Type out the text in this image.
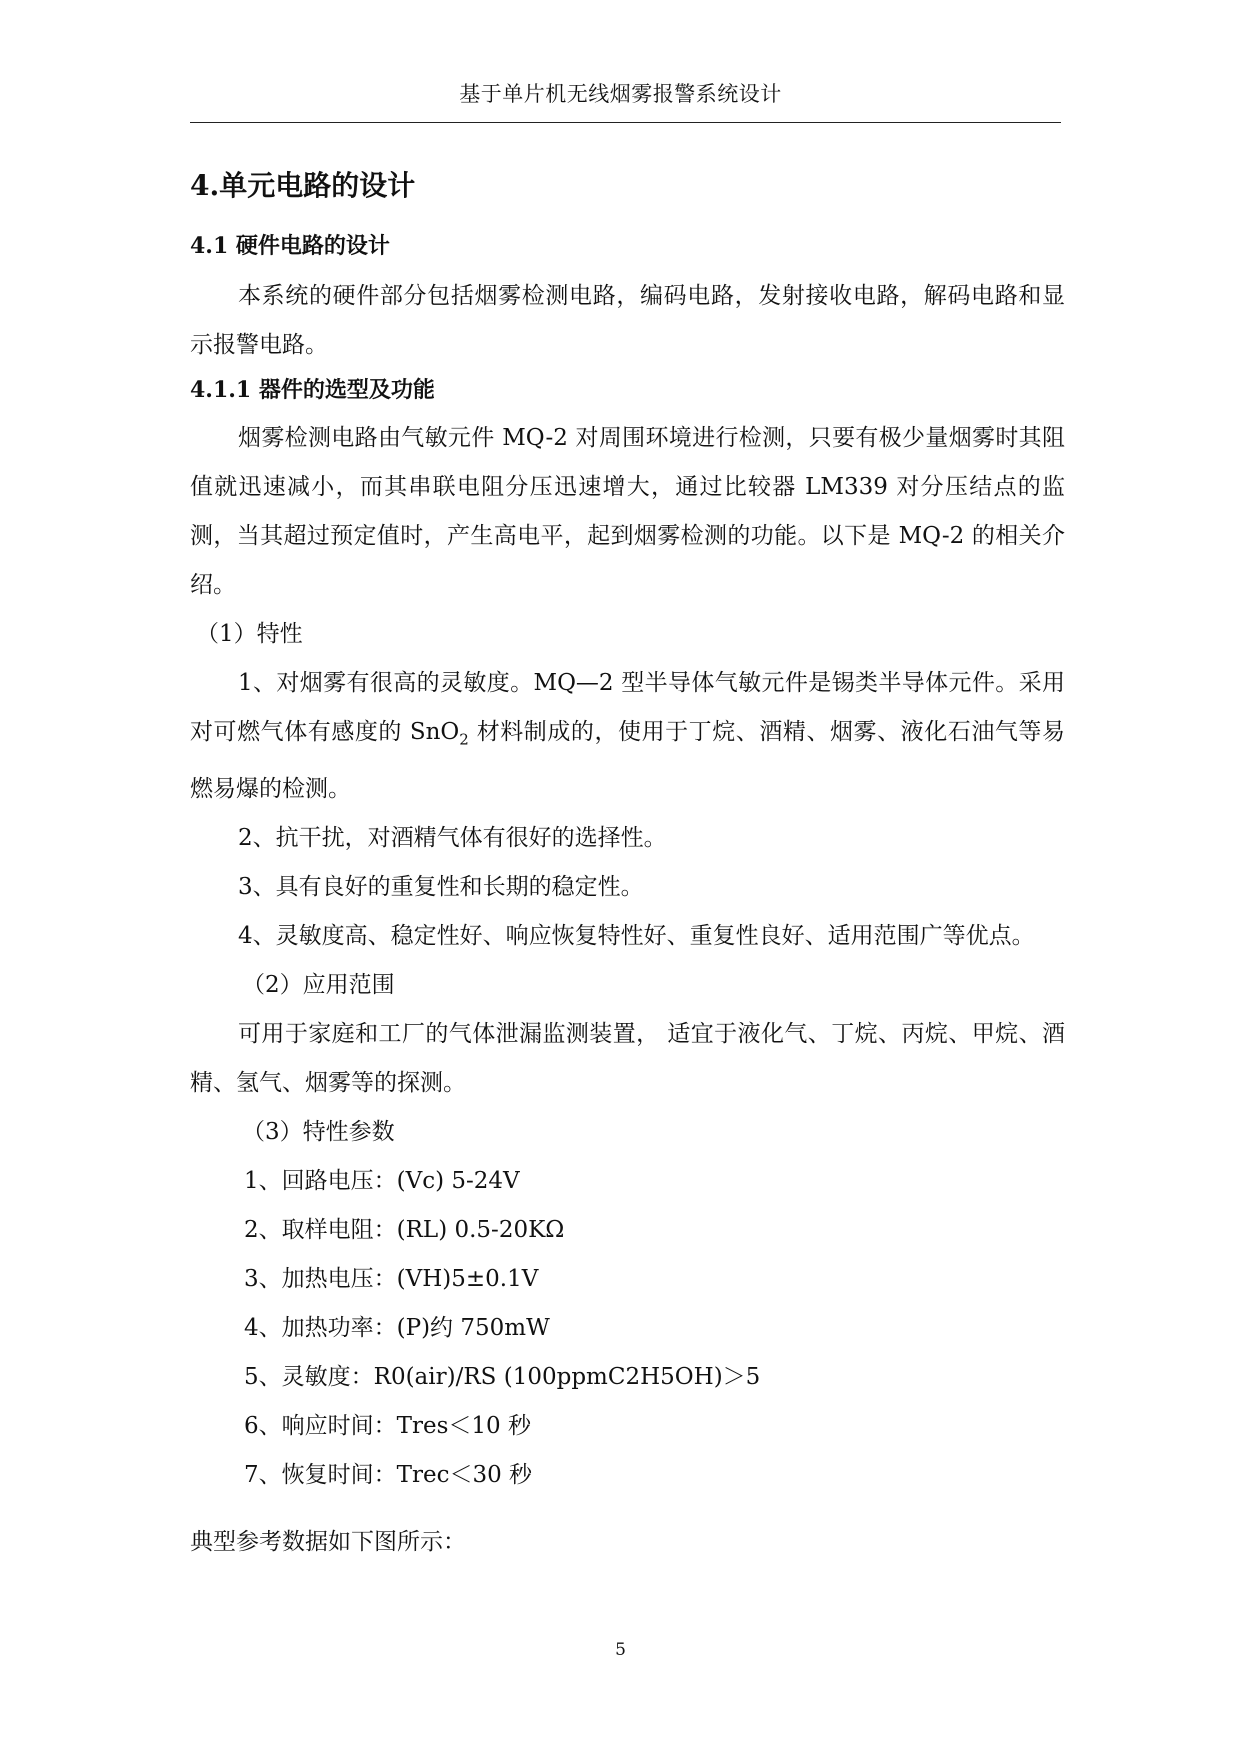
基于单片机无线烟雾报警系统设计
4.单元电路的设计
4.1 硬件电路的设计

本系统的硬件部分包括烟雾检测电路，编码电路，发射接收电路，解码电路和显示报警电路。

4.1.1 器件的选型及功能

烟雾检测电路由气敏元件 MQ-2 对周围环境进行检测，只要有极少量烟雾时其阻值就迅速减小，而其串联电阻分压迅速增大，通过比较器 LM339 对分压结点的监测，当其超过预定值时，产生高电平，起到烟雾检测的功能。以下是 MQ-2 的相关介绍。

（1）特性

1、对烟雾有很高的灵敏度。MQ—2 型半导体气敏元件是锡类半导体元件。采用对可燃气体有感度的 SnO$_2$ 材料制成的，使用于丁烷、酒精、烟雾、液化石油气等易燃易爆的检测。

2、抗干扰，对酒精气体有很好的选择性。

3、具有良好的重复性和长期的稳定性。

4、灵敏度高、稳定性好、响应恢复特性好、重复性良好、适用范围广等优点。

（2）应用范围

可用于家庭和工厂的气体泄漏监测装置， 适宜于液化气、丁烷、丙烷、甲烷、酒精、氢气、烟雾等的探测。

（3）特性参数

1、回路电压：(Vc) 5-24V

2、取样电阻：(RL) 0.5-20KΩ

3、加热电压：(VH)5±0.1V

4、加热功率：(P)约 750mW

5、灵敏度：R0(air)/RS (100ppmC2H5OH)＞5

6、响应时间：Tres＜10 秒

7、恢复时间：Trec＜30 秒

典型参考数据如下图所示：

5
